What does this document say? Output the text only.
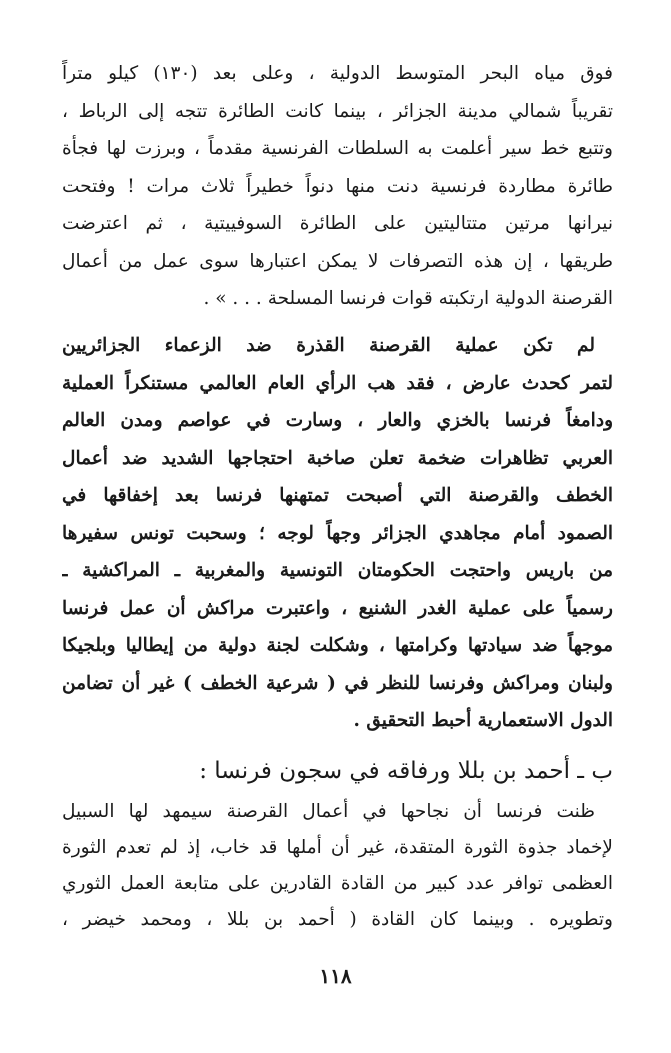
فوق مياه البحر المتوسط الدولية ، وعلى بعد (١٣٠) كيلو متراً
تقريباً شمالي مدينة الجزائر ، بينما كانت الطائرة تتجه إلى الرباط ،
وتتبع خط سير أعلمت به السلطات الفرنسية مقدماً ، وبرزت لها فجأة
طائرة مطاردة فرنسية دنت منها دنواً خطيراً ثلاث مرات ! وفتحت
نيرانها مرتين متتاليتين على الطائرة السوفييتية ، ثم اعترضت
طريقها ، إن هذه التصرفات لا يمكن اعتبارها سوى عمل من أعمال
القرصنة الدولية ارتكبته قوات فرنسا المسلحة . . . » .
لم تكن عملية القرصنة القذرة ضد الزعماء الجزائريين
لتمر كحدث عارض ، فقد هب الرأي العام العالمي مستنكراً العملية
ودامغاً فرنسا بالخزي والعار ، وسارت في عواصم ومدن العالم
العربي تظاهرات ضخمة تعلن صاخبة احتجاجها الشديد ضد أعمال
الخطف والقرصنة التي أصبحت تمتهنها فرنسا بعد إخفاقها في
الصمود أمام مجاهدي الجزائر وجهاً لوجه ؛ وسحبت تونس سفيرها
من باريس واحتجت الحكومتان التونسية والمغربية ـ المراكشية ـ
رسمياً على عملية الغدر الشنيع ، واعتبرت مراكش أن عمل فرنسا
موجهاً ضد سيادتها وكرامتها ، وشكلت لجنة دولية من إيطاليا وبلجيكا
ولبنان ومراكش وفرنسا للنظر في ( شرعية الخطف ) غير أن تضامن
الدول الاستعمارية أحبط التحقيق .
ب ـ أحمد بن بللا ورفاقه في سجون فرنسا :
ظنت فرنسا أن نجاحها في أعمال القرصنة سيمهد لها السبيل
لإخماد جذوة الثورة المتقدة، غير أن أملها قد خاب، إذ لم تعدم الثورة
العظمى توافر عدد كبير من القادة القادرين على متابعة العمل الثوري
وتطويره . وبينما كان القادة ( أحمد بن بللا ، ومحمد خيضر ،
١١٨
